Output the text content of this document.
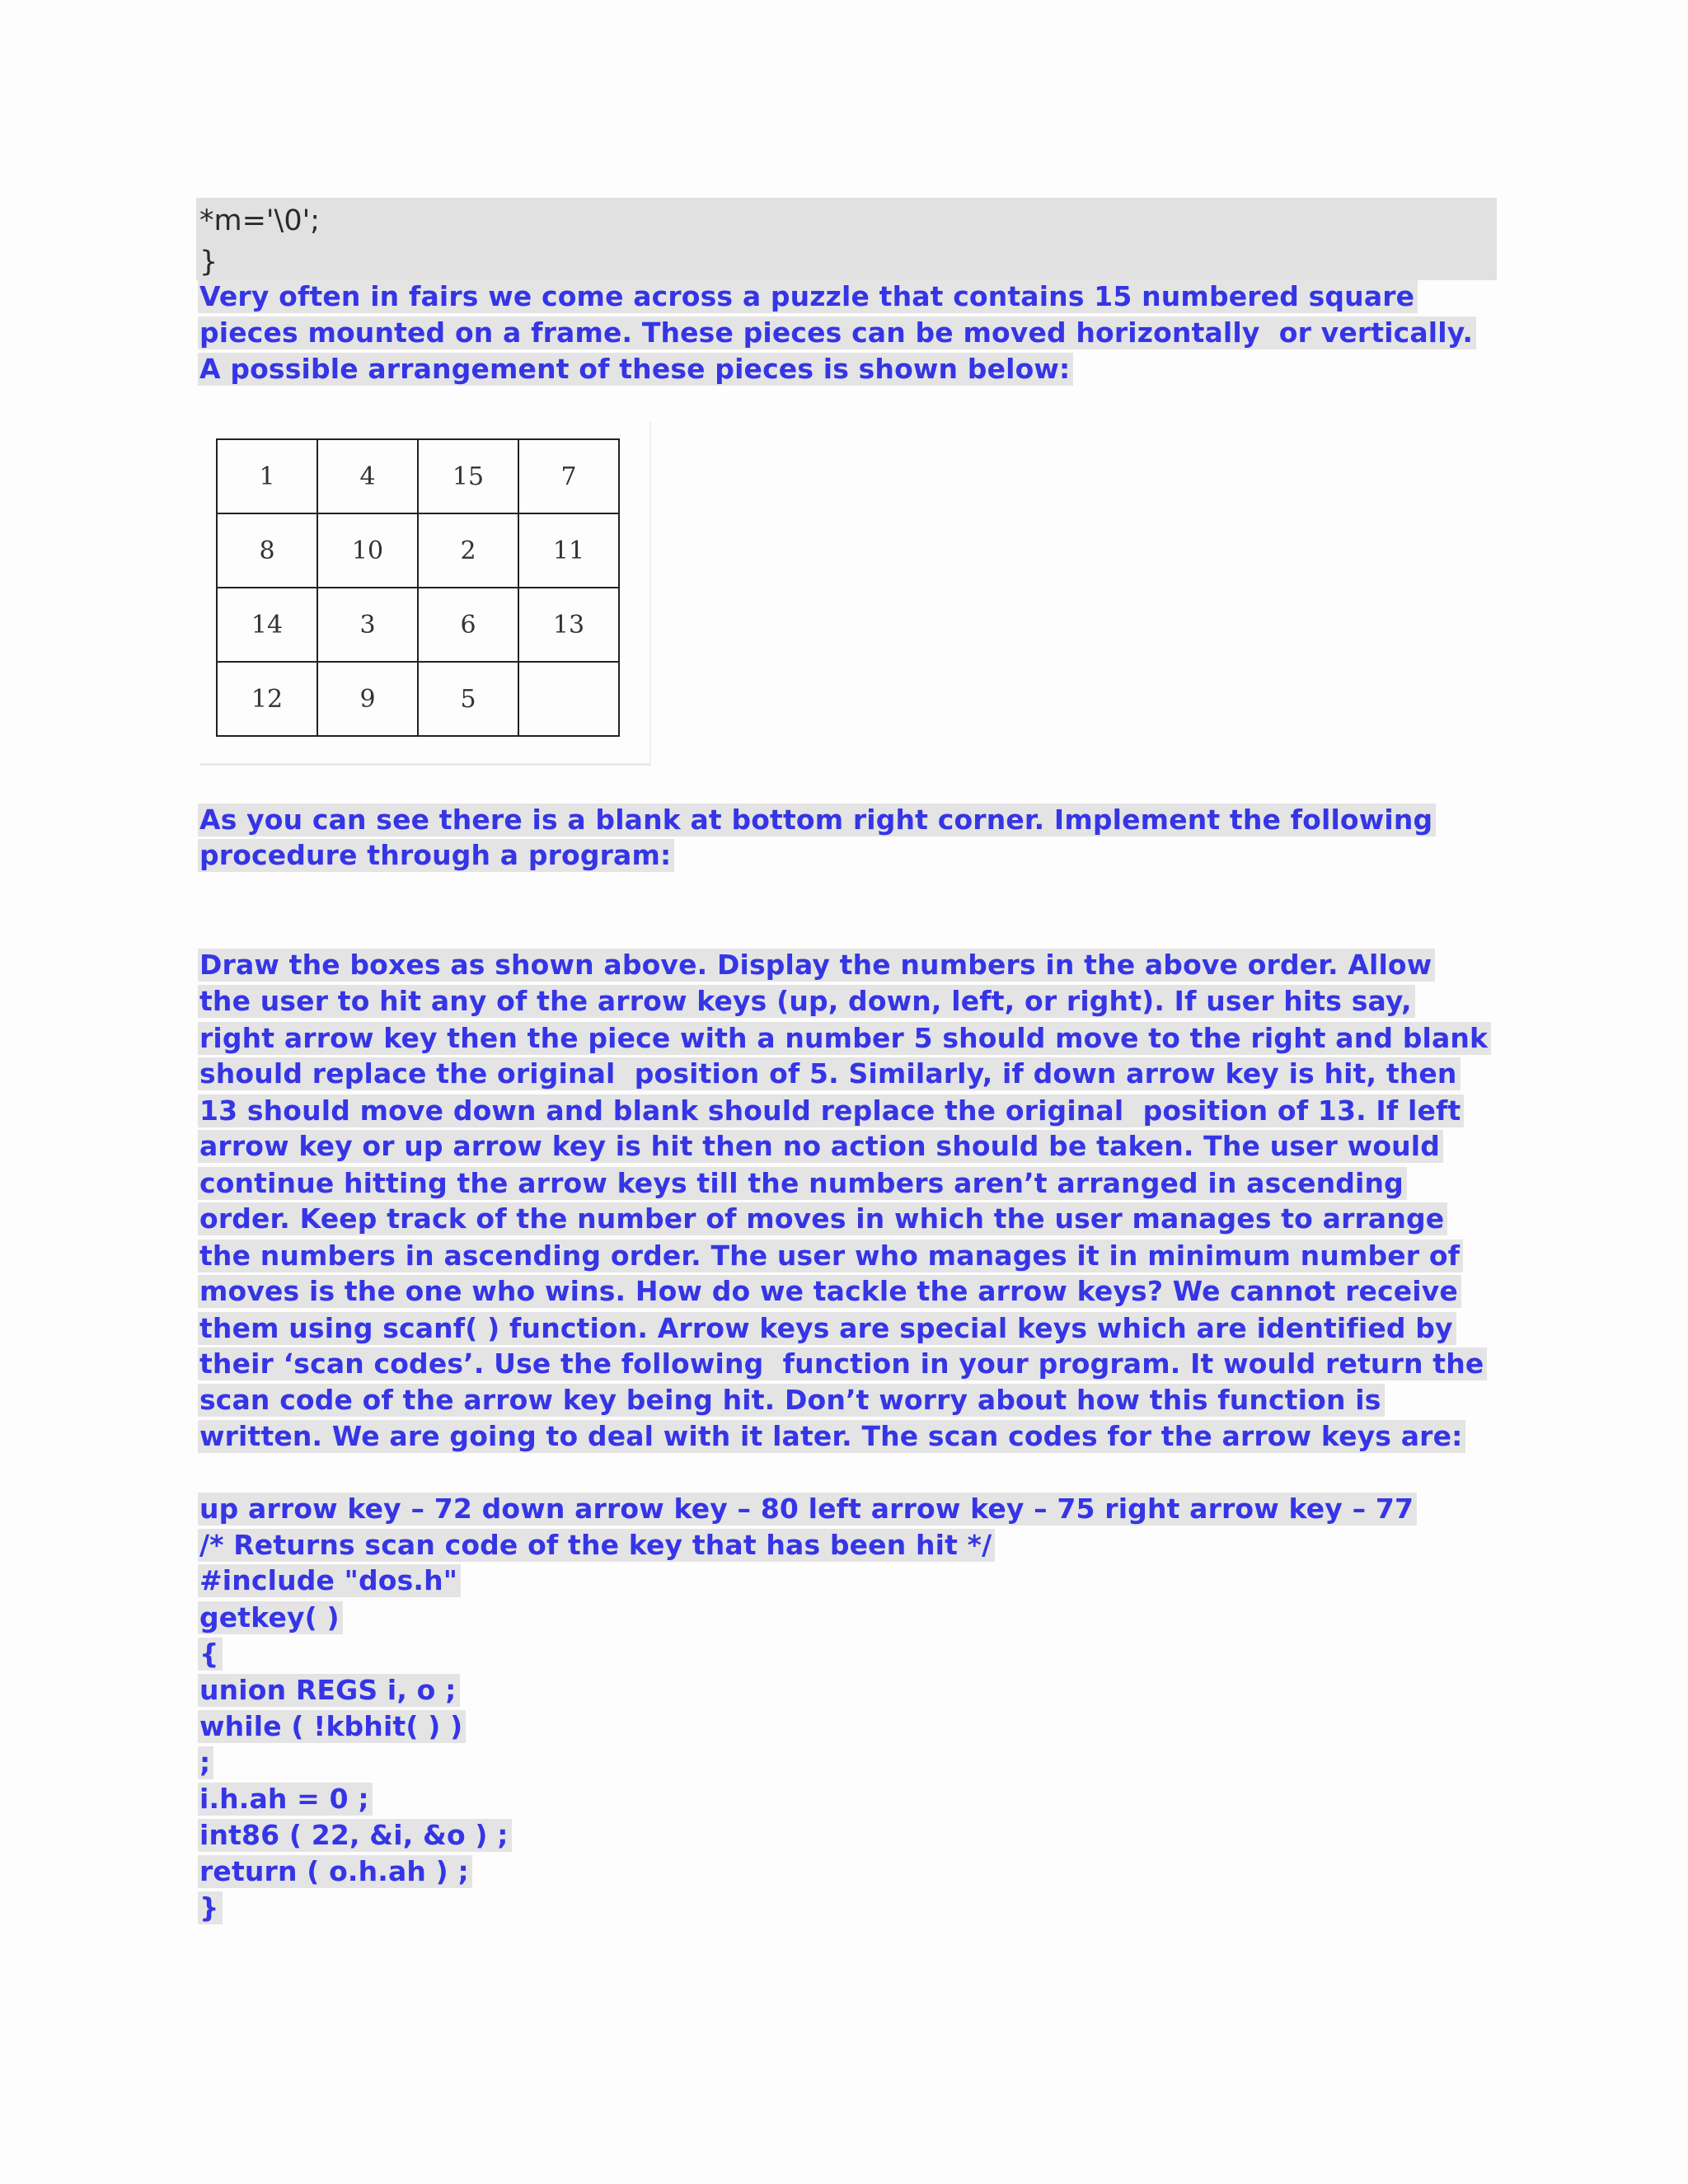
*m='\0';
}
Very often in fairs we come across a puzzle that contains 15 numbered square
pieces mounted on a frame. These pieces can be moved horizontally  or vertically.
A possible arrangement of these pieces is shown below:
1	4	15	7
8	10	2	11
14	3	6	13
12	9	5
As you can see there is a blank at bottom right corner. Implement the following
procedure through a program:
Draw the boxes as shown above. Display the numbers in the above order. Allow
the user to hit any of the arrow keys (up, down, left, or right). If user hits say,
right arrow key then the piece with a number 5 should move to the right and blank
should replace the original  position of 5. Similarly, if down arrow key is hit, then
13 should move down and blank should replace the original  position of 13. If left
arrow key or up arrow key is hit then no action should be taken. The user would
continue hitting the arrow keys till the numbers aren’t arranged in ascending
order. Keep track of the number of moves in which the user manages to arrange
the numbers in ascending order. The user who manages it in minimum number of
moves is the one who wins. How do we tackle the arrow keys? We cannot receive
them using scanf( ) function. Arrow keys are special keys which are identified by
their ‘scan codes’. Use the following  function in your program. It would return the
scan code of the arrow key being hit. Don’t worry about how this function is
written. We are going to deal with it later. The scan codes for the arrow keys are:
up arrow key – 72 down arrow key – 80 left arrow key – 75 right arrow key – 77
/* Returns scan code of the key that has been hit */
#include "dos.h"
getkey( )
{
union REGS i, o ;
while ( !kbhit( ) )
;
i.h.ah = 0 ;
int86 ( 22, &i, &o ) ;
return ( o.h.ah ) ;
}
